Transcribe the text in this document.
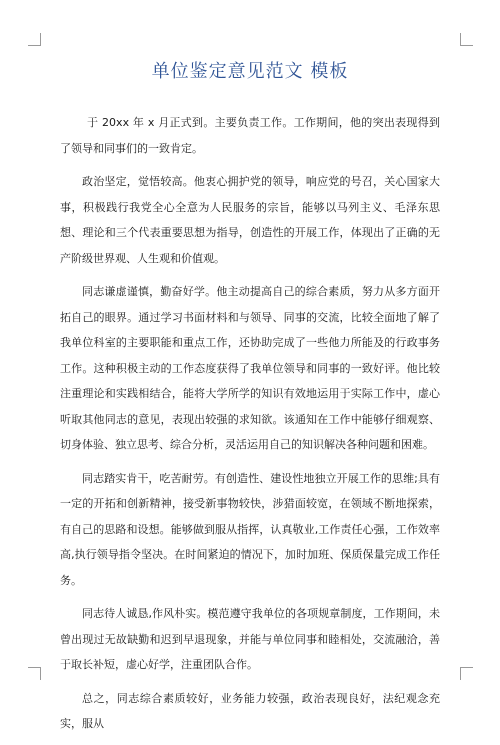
单位鉴定意见范文 模板

于 20xx 年 x 月正式到。主要负责工作。工作期间，他的突出表现得到了领导和同事们的一致肯定。

政治坚定，觉悟较高。他衷心拥护党的领导，响应党的号召，关心国家大事，积极践行我党全心全意为人民服务的宗旨，能够以马列主义、毛泽东思想、理论和三个代表重要思想为指导，创造性的开展工作，体现出了正确的无产阶级世界观、人生观和价值观。

同志谦虚谨慎，勤奋好学。他主动提高自己的综合素质，努力从多方面开拓自己的眼界。通过学习书面材料和与领导、同事的交流，比较全面地了解了我单位科室的主要职能和重点工作，还协助完成了一些他力所能及的行政事务工作。这种积极主动的工作态度获得了我单位领导和同事的一致好评。他比较注重理论和实践相结合，能将大学所学的知识有效地运用于实际工作中，虚心听取其他同志的意见，表现出较强的求知欲。该通知在工作中能够仔细观察、切身体验、独立思考、综合分析，灵活运用自己的知识解决各种问题和困难。

同志踏实肯干，吃苦耐劳。有创造性、建设性地独立开展工作的思维;具有一定的开拓和创新精神，接受新事物较快，涉猎面较宽，在领域不断地探索，有自己的思路和设想。能够做到服从指挥，认真敬业,工作责任心强，工作效率高,执行领导指令坚决。在时间紧迫的情况下，加时加班、保质保量完成工作任务。

同志待人诚恳,作风朴实。模范遵守我单位的各项规章制度，工作期间，未曾出现过无故缺勤和迟到早退现象，并能与单位同事和睦相处，交流融洽，善于取长补短，虚心好学，注重团队合作。

总之，同志综合素质较好，业务能力较强，政治表现良好，法纪观念充实，服从
